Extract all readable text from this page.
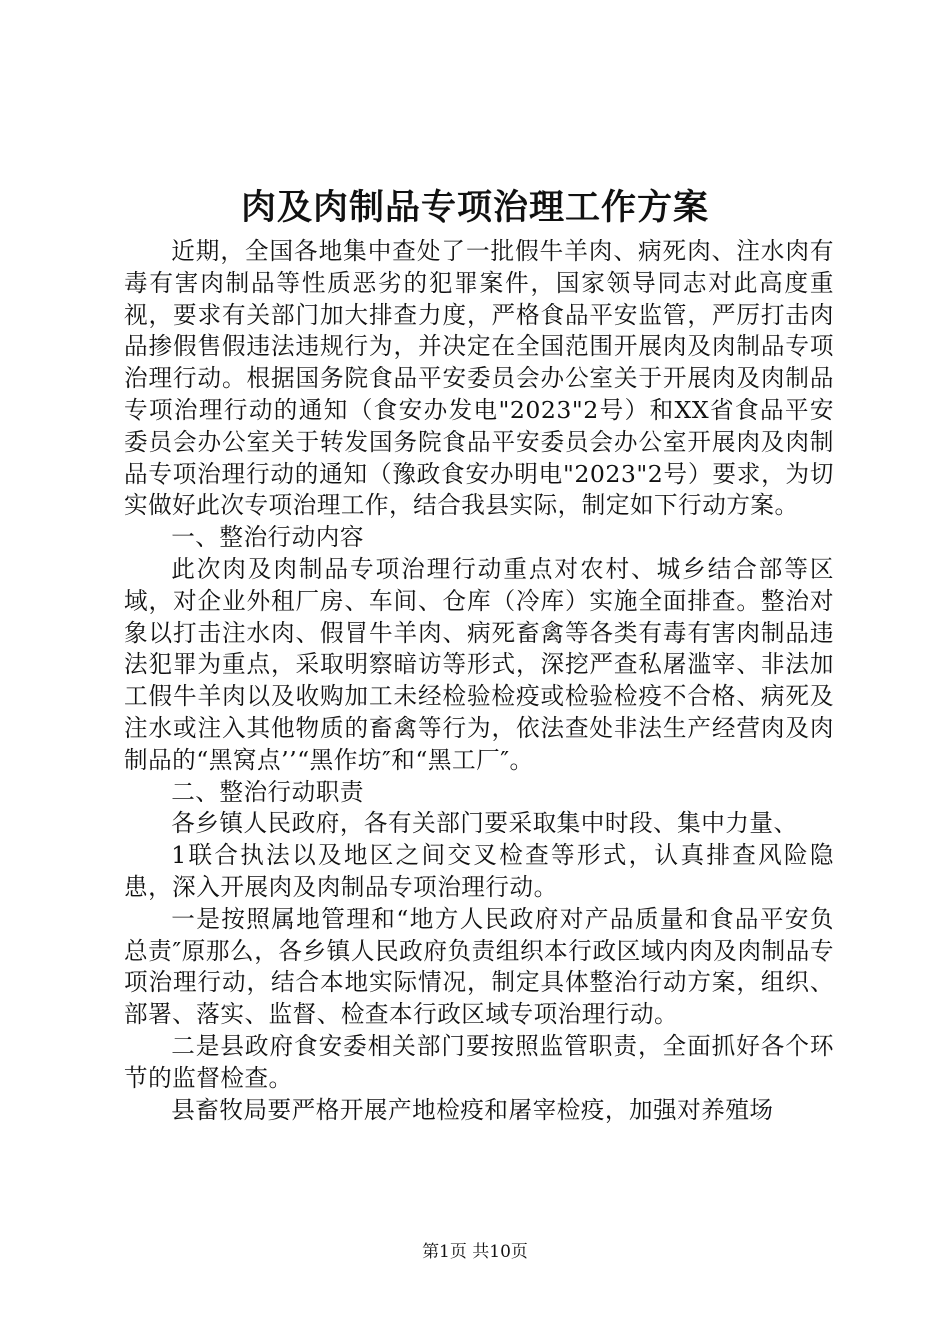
肉及肉制品专项治理工作方案

近期，全国各地集中查处了一批假牛羊肉、病死肉、注水肉有毒有害肉制品等性质恶劣的犯罪案件，国家领导同志对此高度重视，要求有关部门加大排查力度，严格食品平安监管，严厉打击肉品掺假售假违法违规行为，并决定在全国范围开展肉及肉制品专项治理行动。根据国务院食品平安委员会办公室关于开展肉及肉制品专项治理行动的通知（食安办发电"2023"2号）和XX省食品平安委员会办公室关于转发国务院食品平安委员会办公室开展肉及肉制品专项治理行动的通知（豫政食安办明电"2023"2号）要求，为切实做好此次专项治理工作，结合我县实际，制定如下行动方案。

一、整治行动内容

此次肉及肉制品专项治理行动重点对农村、城乡结合部等区域，对企业外租厂房、车间、仓库（冷库）实施全面排查。整治对象以打击注水肉、假冒牛羊肉、病死畜禽等各类有毒有害肉制品违法犯罪为重点，采取明察暗访等形式，深挖严查私屠滥宰、非法加工假牛羊肉以及收购加工未经检验检疫或检验检疫不合格、病死及注水或注入其他物质的畜禽等行为，依法查处非法生产经营肉及肉制品的“黑窝点’’“黑作坊″和“黑工厂″。

二、整治行动职责

各乡镇人民政府，各有关部门要采取集中时段、集中力量、

1联合执法以及地区之间交叉检查等形式，认真排查风险隐患，深入开展肉及肉制品专项治理行动。

一是按照属地管理和“地方人民政府对产品质量和食品平安负总责″原那么，各乡镇人民政府负责组织本行政区域内肉及肉制品专项治理行动，结合本地实际情况，制定具体整治行动方案，组织、部署、落实、监督、检查本行政区域专项治理行动。

二是县政府食安委相关部门要按照监管职责，全面抓好各个环节的监督检查。

县畜牧局要严格开展产地检疫和屠宰检疫，加强对养殖场

第1页 共10页
